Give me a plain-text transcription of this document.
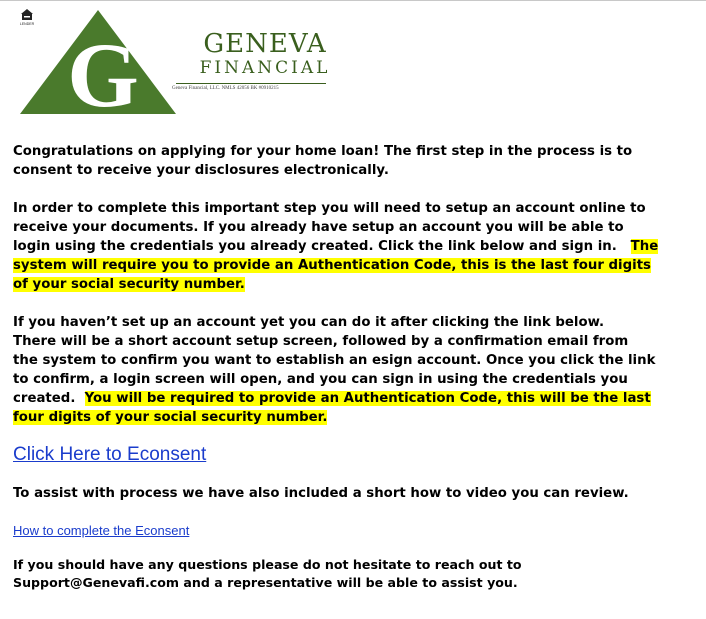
G	GENEVA
FINANCIAL
Geneva Financial, LLC. NMLS 42056 BK #0910215
LENDER

Congratulations on applying for your home loan! The first step in the process is to
consent to receive your disclosures electronically.

In order to complete this important step you will need to setup an account online to
receive your documents. If you already have setup an account you will be able to
login using the credentials you already created. Click the link below and sign in.   The
system will require you to provide an Authentication Code, this is the last four digits
of your social security number.

If you haven’t set up an account yet you can do it after clicking the link below.
There will be a short account setup screen, followed by a confirmation email from
the system to confirm you want to establish an esign account. Once you click the link
to confirm, a login screen will open, and you can sign in using the credentials you
created.  You will be required to provide an Authentication Code, this will be the last
four digits of your social security number.

Click Here to Econsent

To assist with process we have also included a short how to video you can review.

How to complete the Econsent

If you should have any questions please do not hesitate to reach out to
Support@Genevafi.com and a representative will be able to assist you.
